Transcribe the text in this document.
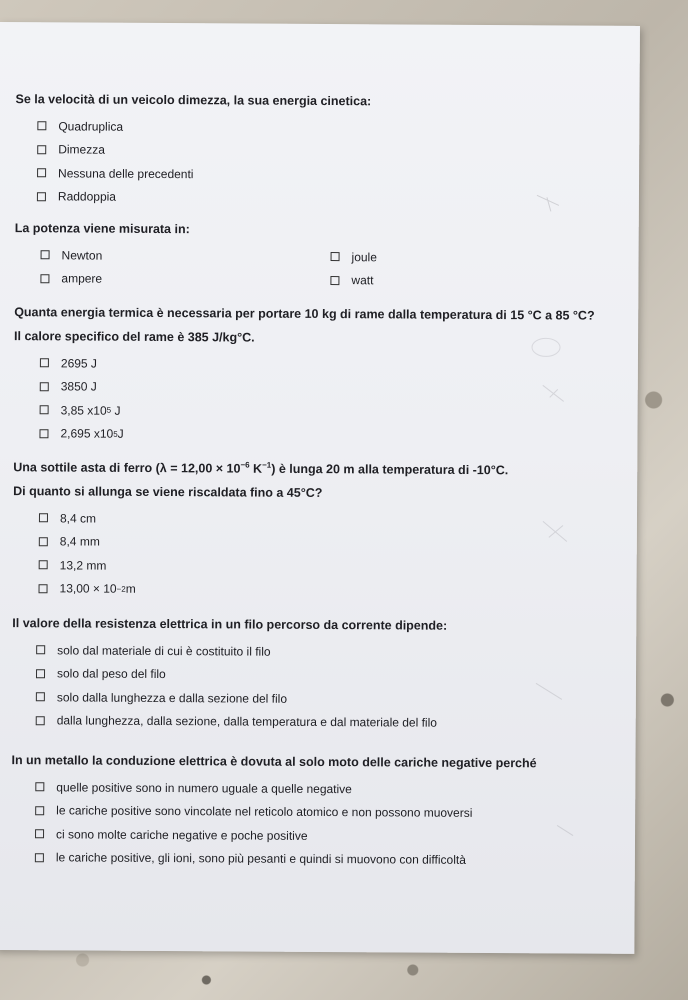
Se la velocità di un veicolo dimezza, la sua energia cinetica:
Quadruplica
Dimezza
Nessuna delle precedenti
Raddoppia
La potenza viene misurata in:
Newton	joule
ampere	watt
Quanta energia termica è necessaria per portare 10 kg di rame dalla temperatura di 15 °C a 85 °C?
Il calore specifico del rame è 385 J/kg°C.
2695 J
3850 J
3,85 x10 5
J
2,695 x10 5 J
Una sottile asta di ferro ($\lambda = 12,00 \times 10^{-6}$ $K^{-1}$) è lunga 20 m alla temperatura di -10°C.
Di quanto si allunga se viene riscaldata fino a 45°C?
8,4 cm
8,4 mm
13,2 mm
13,00 × 10 −2 m
Il valore della resistenza elettrica in un filo percorso da corrente dipende:
solo dal materiale di cui è costituito il filo
solo dal peso del filo
solo dalla lunghezza e dalla sezione del filo
dalla lunghezza, dalla sezione, dalla temperatura e dal materiale del filo
In un metallo la conduzione elettrica è dovuta al solo moto delle cariche negative perché
quelle positive sono in numero uguale a quelle negative
le cariche positive sono vincolate nel reticolo atomico e non possono muoversi
ci sono molte cariche negative e poche positive
le cariche positive, gli ioni, sono più pesanti e quindi si muovono con difficoltà
